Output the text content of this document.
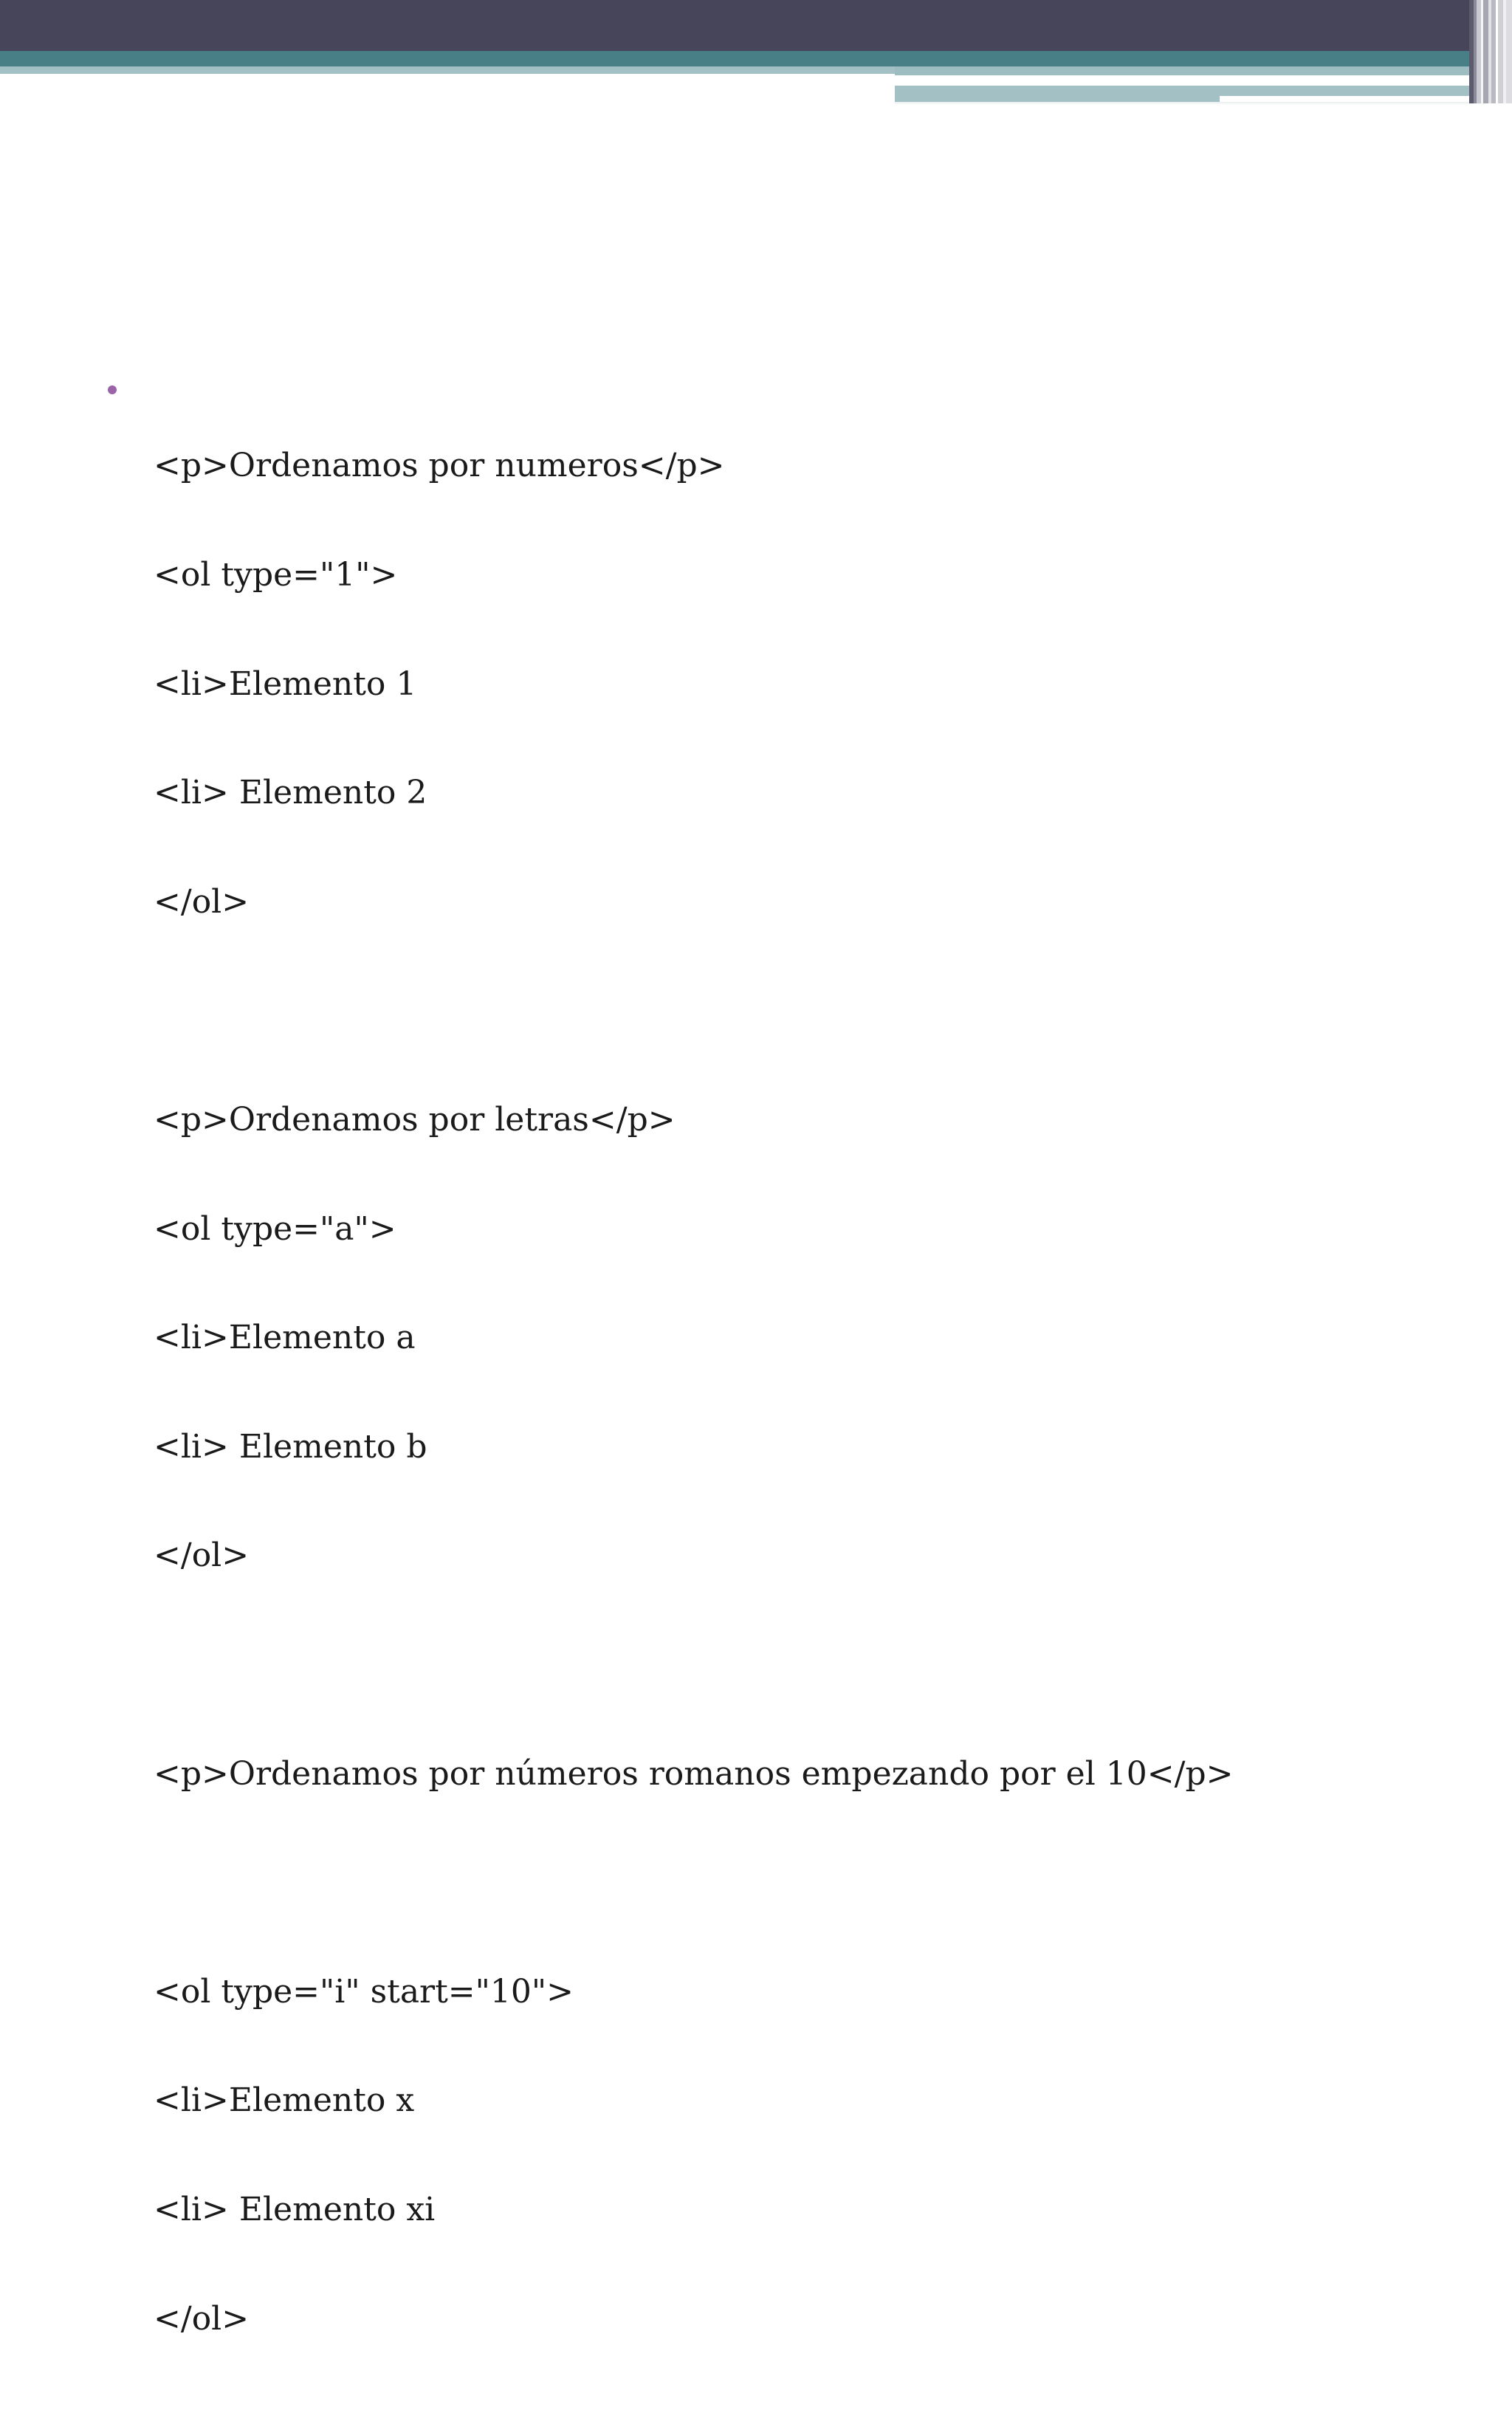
<p>Ordenamos por numeros</p>

<ol type="1">

<li>Elemento 1

<li> Elemento 2

</ol>

<p>Ordenamos por letras</p>

<ol type="a">

<li>Elemento a

<li> Elemento b

</ol>

<p>Ordenamos por números romanos empezando por el 10</p>

<ol type="i" start="10">

<li>Elemento x

<li> Elemento xi

</ol>
